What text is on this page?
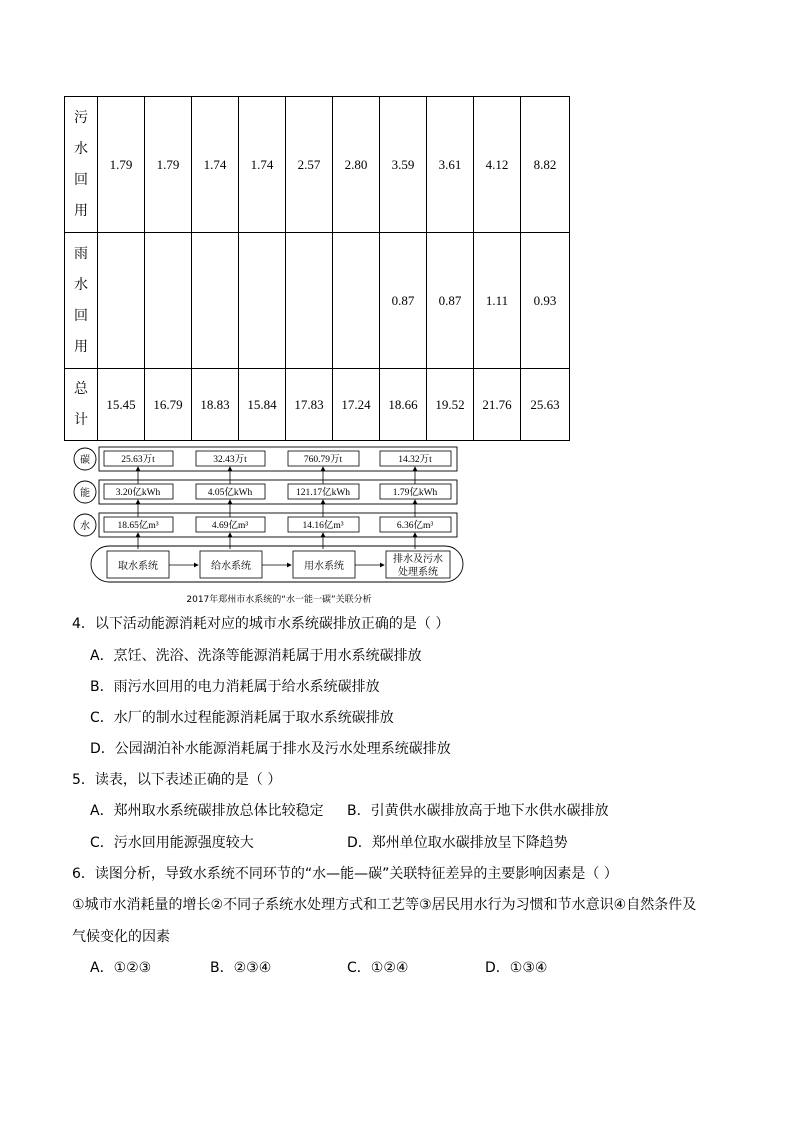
污
水
回
用	1.79	1.79	1.74	1.74	2.57	2.80	3.59	3.61	4.12	8.82
雨
水
回
用							0.87	0.87	1.11	0.93
总
计	15.45	16.79	18.83	15.84	17.83	17.24	18.66	19.52	21.76	25.63
碳	25.63万t	32.43万t	760.79万t	14.32万t
能	3.20亿kWh	4.05亿kWh	121.17亿kWh	1.79亿kWh
水	18.65亿m³	4.69亿m³	14.16亿m³	6.36亿m³
取水系统	给水系统	用水系统
排水及污水
处理系统
2017年郑州市水系统的“水一能一碳”关联分析
4．以下活动能源消耗对应的城市水系统碳排放正确的是（ ）
A．烹饪、洗浴、洗涤等能源消耗属于用水系统碳排放
B．雨污水回用的电力消耗属于给水系统碳排放
C．水厂的制水过程能源消耗属于取水系统碳排放
D．公园湖泊补水能源消耗属于排水及污水处理系统碳排放
5．读表，以下表述正确的是（ ）
A．郑州取水系统碳排放总体比较稳定 B．引黄供水碳排放高于地下水供水碳排放
C．污水回用能源强度较大	D．郑州单位取水碳排放呈下降趋势
6．读图分析，导致水系统不同环节的“水—能—碳”关联特征差异的主要影响因素是（ ）
①城市水消耗量的增长②不同子系统水处理方式和工艺等③居民用水行为习惯和节水意识④自然条件及
气候变化的因素
A．①②③	B．②③④	C．①②④	D．①③④
